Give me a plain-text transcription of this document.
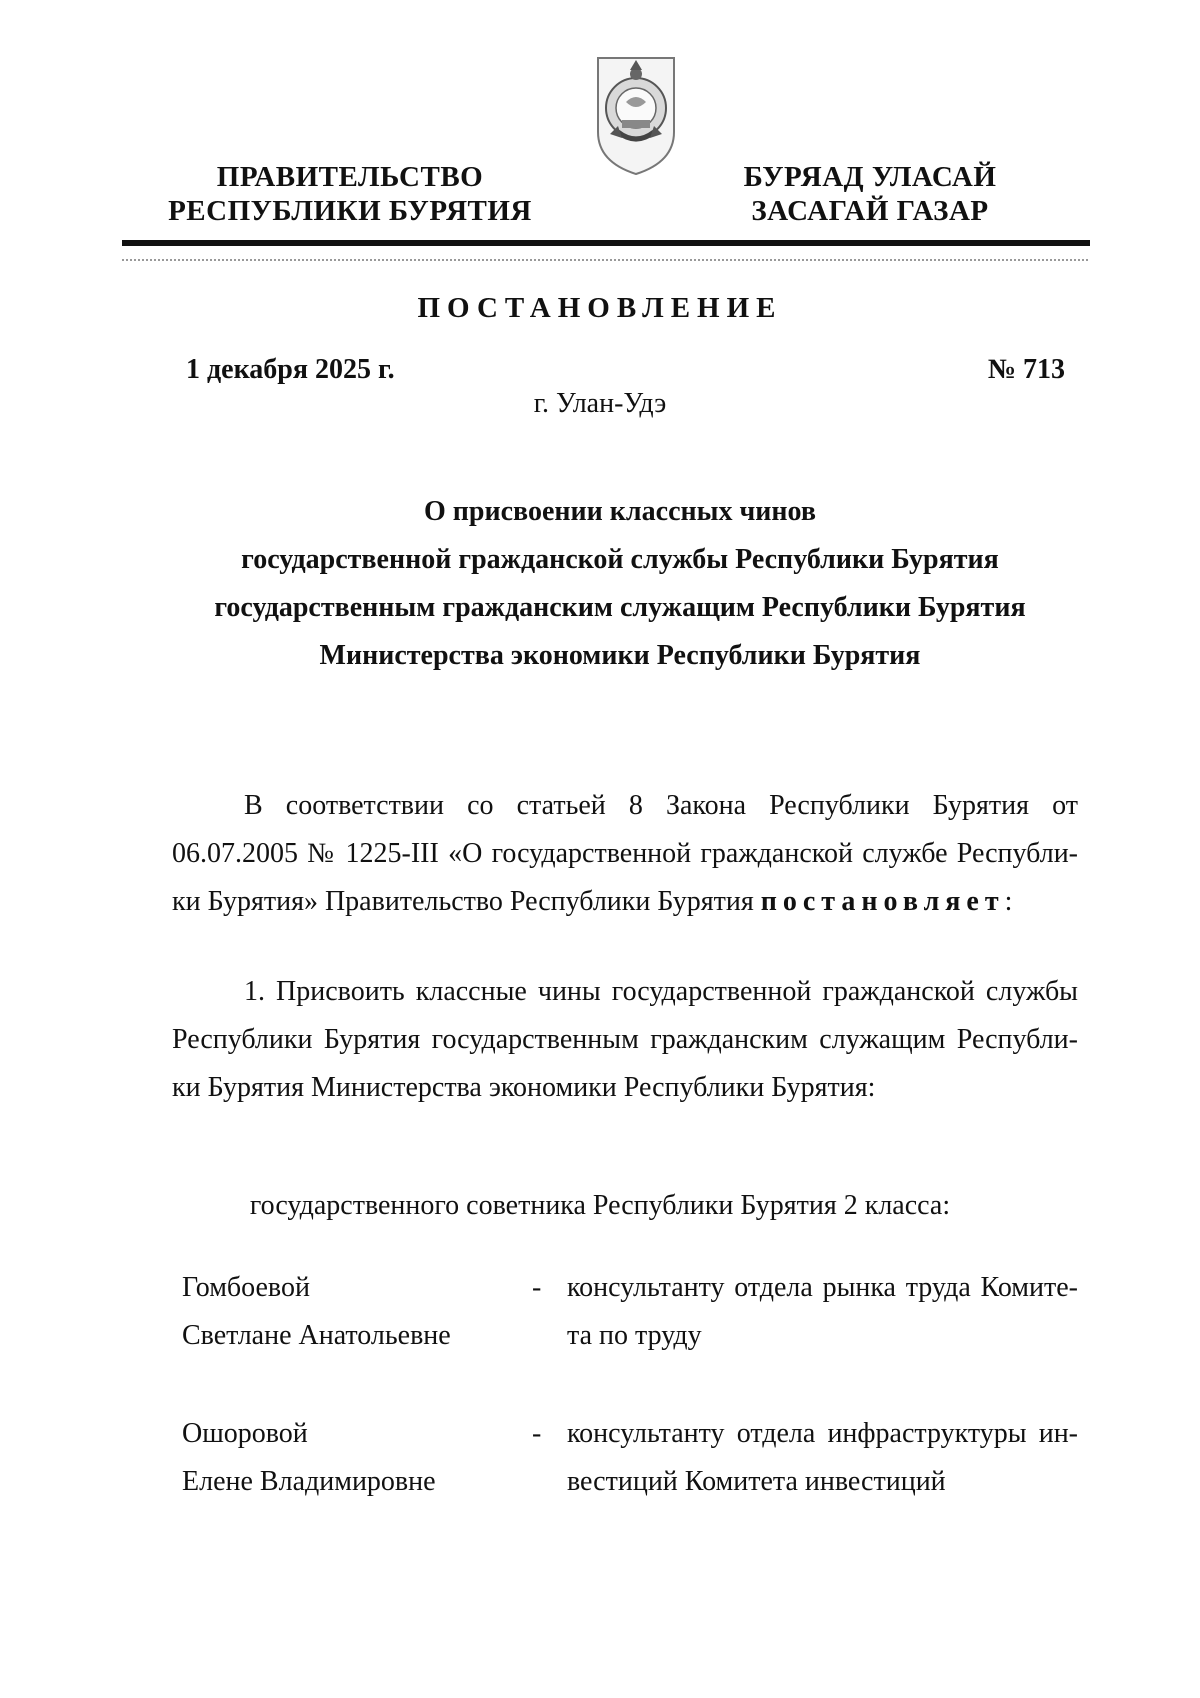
ПРАВИТЕЛЬСТВО
РЕСПУБЛИКИ БУРЯТИЯ
БУРЯАД УЛАСАЙ
ЗАСАГАЙ ГАЗАР
ПОСТАНОВЛЕНИЕ
1 декабря 2025 г.	№ 713
г. Улан-Удэ
О присвоении классных чинов
государственной гражданской службы Республики Бурятия
государственным гражданским служащим Республики Бурятия
Министерства экономики Республики Бурятия
В соответствии со статьей 8 Закона Республики Бурятия от
06.07.2005 № 1225-III «О государственной гражданской службе Республи-
ки Бурятия» Правительство Республики Бурятия постановляет:
1. Присвоить классные чины государственной гражданской службы
Республики Бурятия государственным гражданским служащим Республи-
ки Бурятия Министерства экономики Республики Бурятия:
государственного советника Республики Бурятия 2 класса:
Гомбоевой
Светлане Анатольевне
- консультанту отдела рынка труда Комите-
та по труду
Ошоровой
Елене Владимировне
- консультанту отдела инфраструктуры ин-
вестиций Комитета инвестиций
